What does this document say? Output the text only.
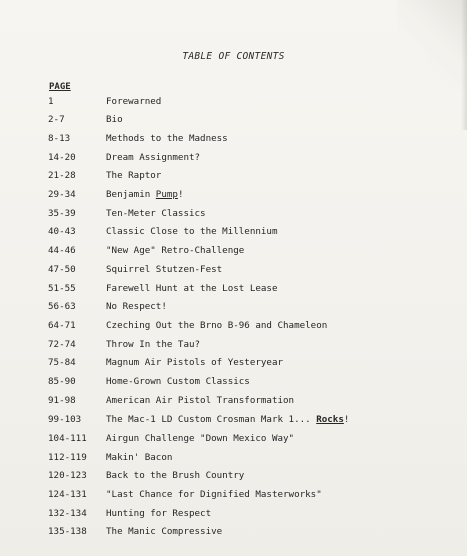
TABLE OF CONTENTS
PAGE
1	Forewarned
2-7	Bio
8-13	Methods to the Madness
14-20	Dream Assignment?
21-28	The Raptor
29-34	Benjamin Pump!
35-39	Ten-Meter Classics
40-43	Classic Close to the Millennium
44-46	"New Age" Retro-Challenge
47-50	Squirrel Stutzen-Fest
51-55	Farewell Hunt at the Lost Lease
56-63	No Respect!
64-71	Czeching Out the Brno B-96 and Chameleon
72-74	Throw In the Tau?
75-84	Magnum Air Pistols of Yesteryear
85-90	Home-Grown Custom Classics
91-98	American Air Pistol Transformation
99-103	The Mac-1 LD Custom Crosman Mark 1... Rocks!
104-111 Airgun Challenge "Down Mexico Way"
112-119 Makin' Bacon
120-123 Back to the Brush Country
124-131 "Last Chance for Dignified Masterworks"
132-134 Hunting for Respect
135-138 The Manic Compressive
